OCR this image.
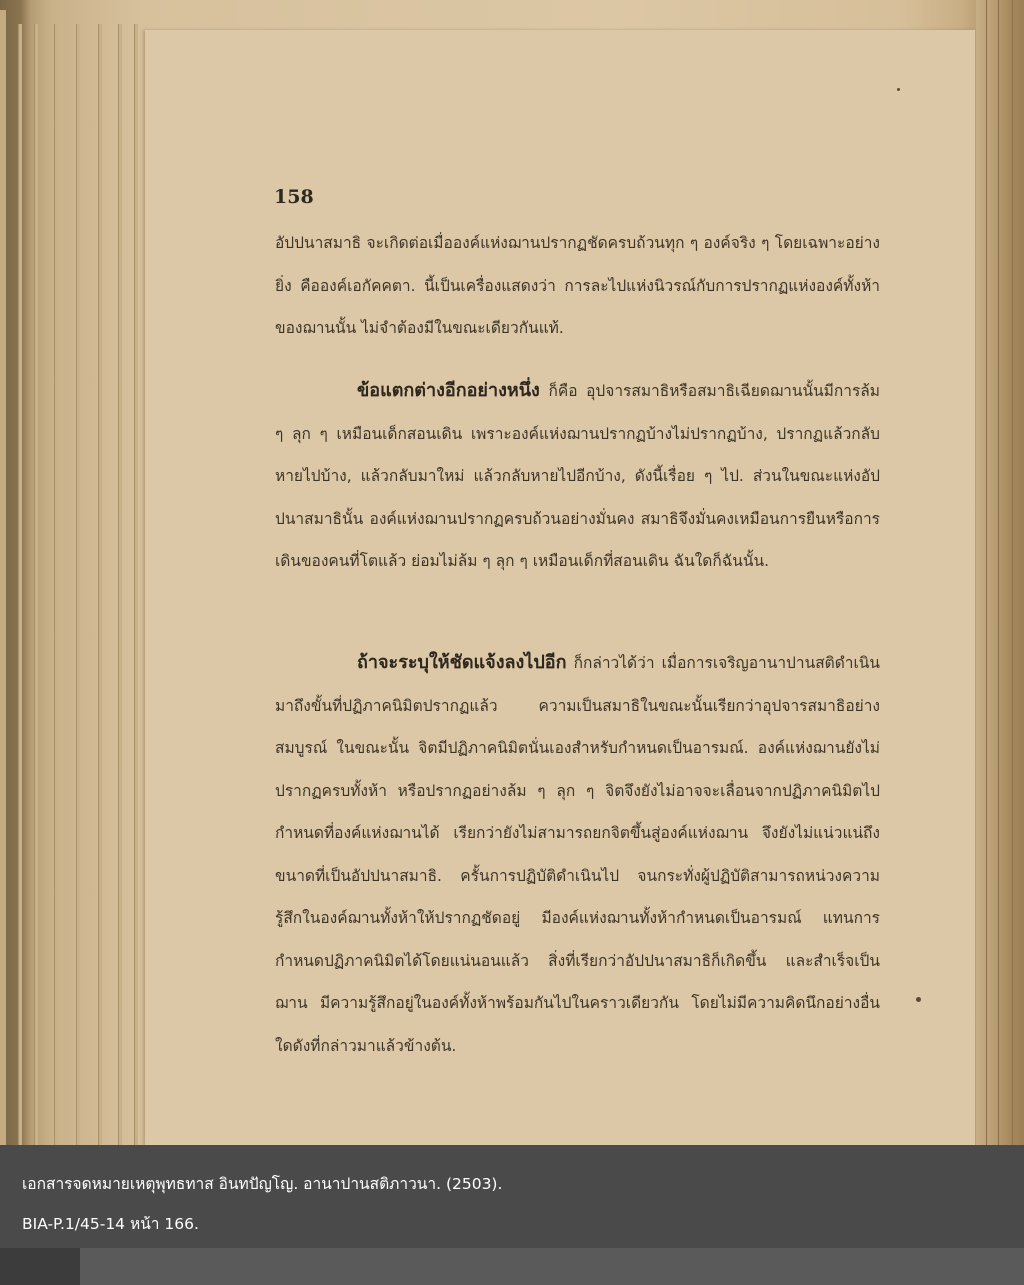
158
อัปปนาสมาธิ จะเกิดต่อเมื่อองค์แห่งฌานปรากฏชัดครบถ้วนทุก ๆ องค์จริง ๆ โดยเฉพาะอย่างยิ่ง คือองค์เอกัคคตา. นี้เป็นเครื่องแสดงว่า การละไปแห่งนิวรณ์กับการปรากฏแห่งองค์ทั้งห้าของฌานนั้น ไม่จำต้องมีในขณะเดียวกันแท้.
ข้อแตกต่างอีกอย่างหนึ่ง ก็คือ อุปจารสมาธิหรือสมาธิเฉียดฌานนั้นมีการล้ม ๆ ลุก ๆ เหมือนเด็กสอนเดิน เพราะองค์แห่งฌานปรากฏบ้างไม่ปรากฏบ้าง, ปรากฏแล้วกลับหายไปบ้าง, แล้วกลับมาใหม่ แล้วกลับหายไปอีกบ้าง, ดังนี้เรื่อย ๆ ไป. ส่วนในขณะแห่งอัปปนาสมาธินั้น องค์แห่งฌานปรากฏครบถ้วนอย่างมั่นคง สมาธิจึงมั่นคงเหมือนการยืนหรือการเดินของคนที่โตแล้ว ย่อมไม่ล้ม ๆ ลุก ๆ เหมือนเด็กที่สอนเดิน ฉันใดก็ฉันนั้น.
ถ้าจะระบุให้ชัดแจ้งลงไปอีก ก็กล่าวได้ว่า เมื่อการเจริญอานาปานสติดำเนินมาถึงขั้นที่ปฏิภาคนิมิตปรากฏแล้ว ความเป็นสมาธิในขณะนั้นเรียกว่าอุปจารสมาธิอย่างสมบูรณ์ ในขณะนั้น จิตมีปฏิภาคนิมิตนั่นเองสำหรับกำหนดเป็นอารมณ์. องค์แห่งฌานยังไม่ปรากฏครบทั้งห้า หรือปรากฏอย่างล้ม ๆ ลุก ๆ จิตจึงยังไม่อาจจะเลื่อนจากปฏิภาคนิมิตไปกำหนดที่องค์แห่งฌานได้ เรียกว่ายังไม่สามารถยกจิตขึ้นสู่องค์แห่งฌาน จึงยังไม่แน่วแน่ถึงขนาดที่เป็นอัปปนาสมาธิ. ครั้นการปฏิบัติดำเนินไป จนกระทั่งผู้ปฏิบัติสามารถหน่วงความรู้สึกในองค์ฌานทั้งห้าให้ปรากฏชัดอยู่ มีองค์แห่งฌานทั้งห้ากำหนดเป็นอารมณ์ แทนการกำหนดปฏิภาคนิมิตได้โดยแน่นอนแล้ว สิ่งที่เรียกว่าอัปปนาสมาธิก็เกิดขึ้น และสำเร็จเป็นฌาน มีความรู้สึกอยู่ในองค์ทั้งห้าพร้อมกันไปในคราวเดียวกัน โดยไม่มีความคิดนึกอย่างอื่นใดดังที่กล่าวมาแล้วข้างต้น.
เอกสารจดหมายเหตุพุทธทาส อินทปัญโญ. อานาปานสติภาวนา. (2503).
BIA-P.1/45-14 หน้า 166.
